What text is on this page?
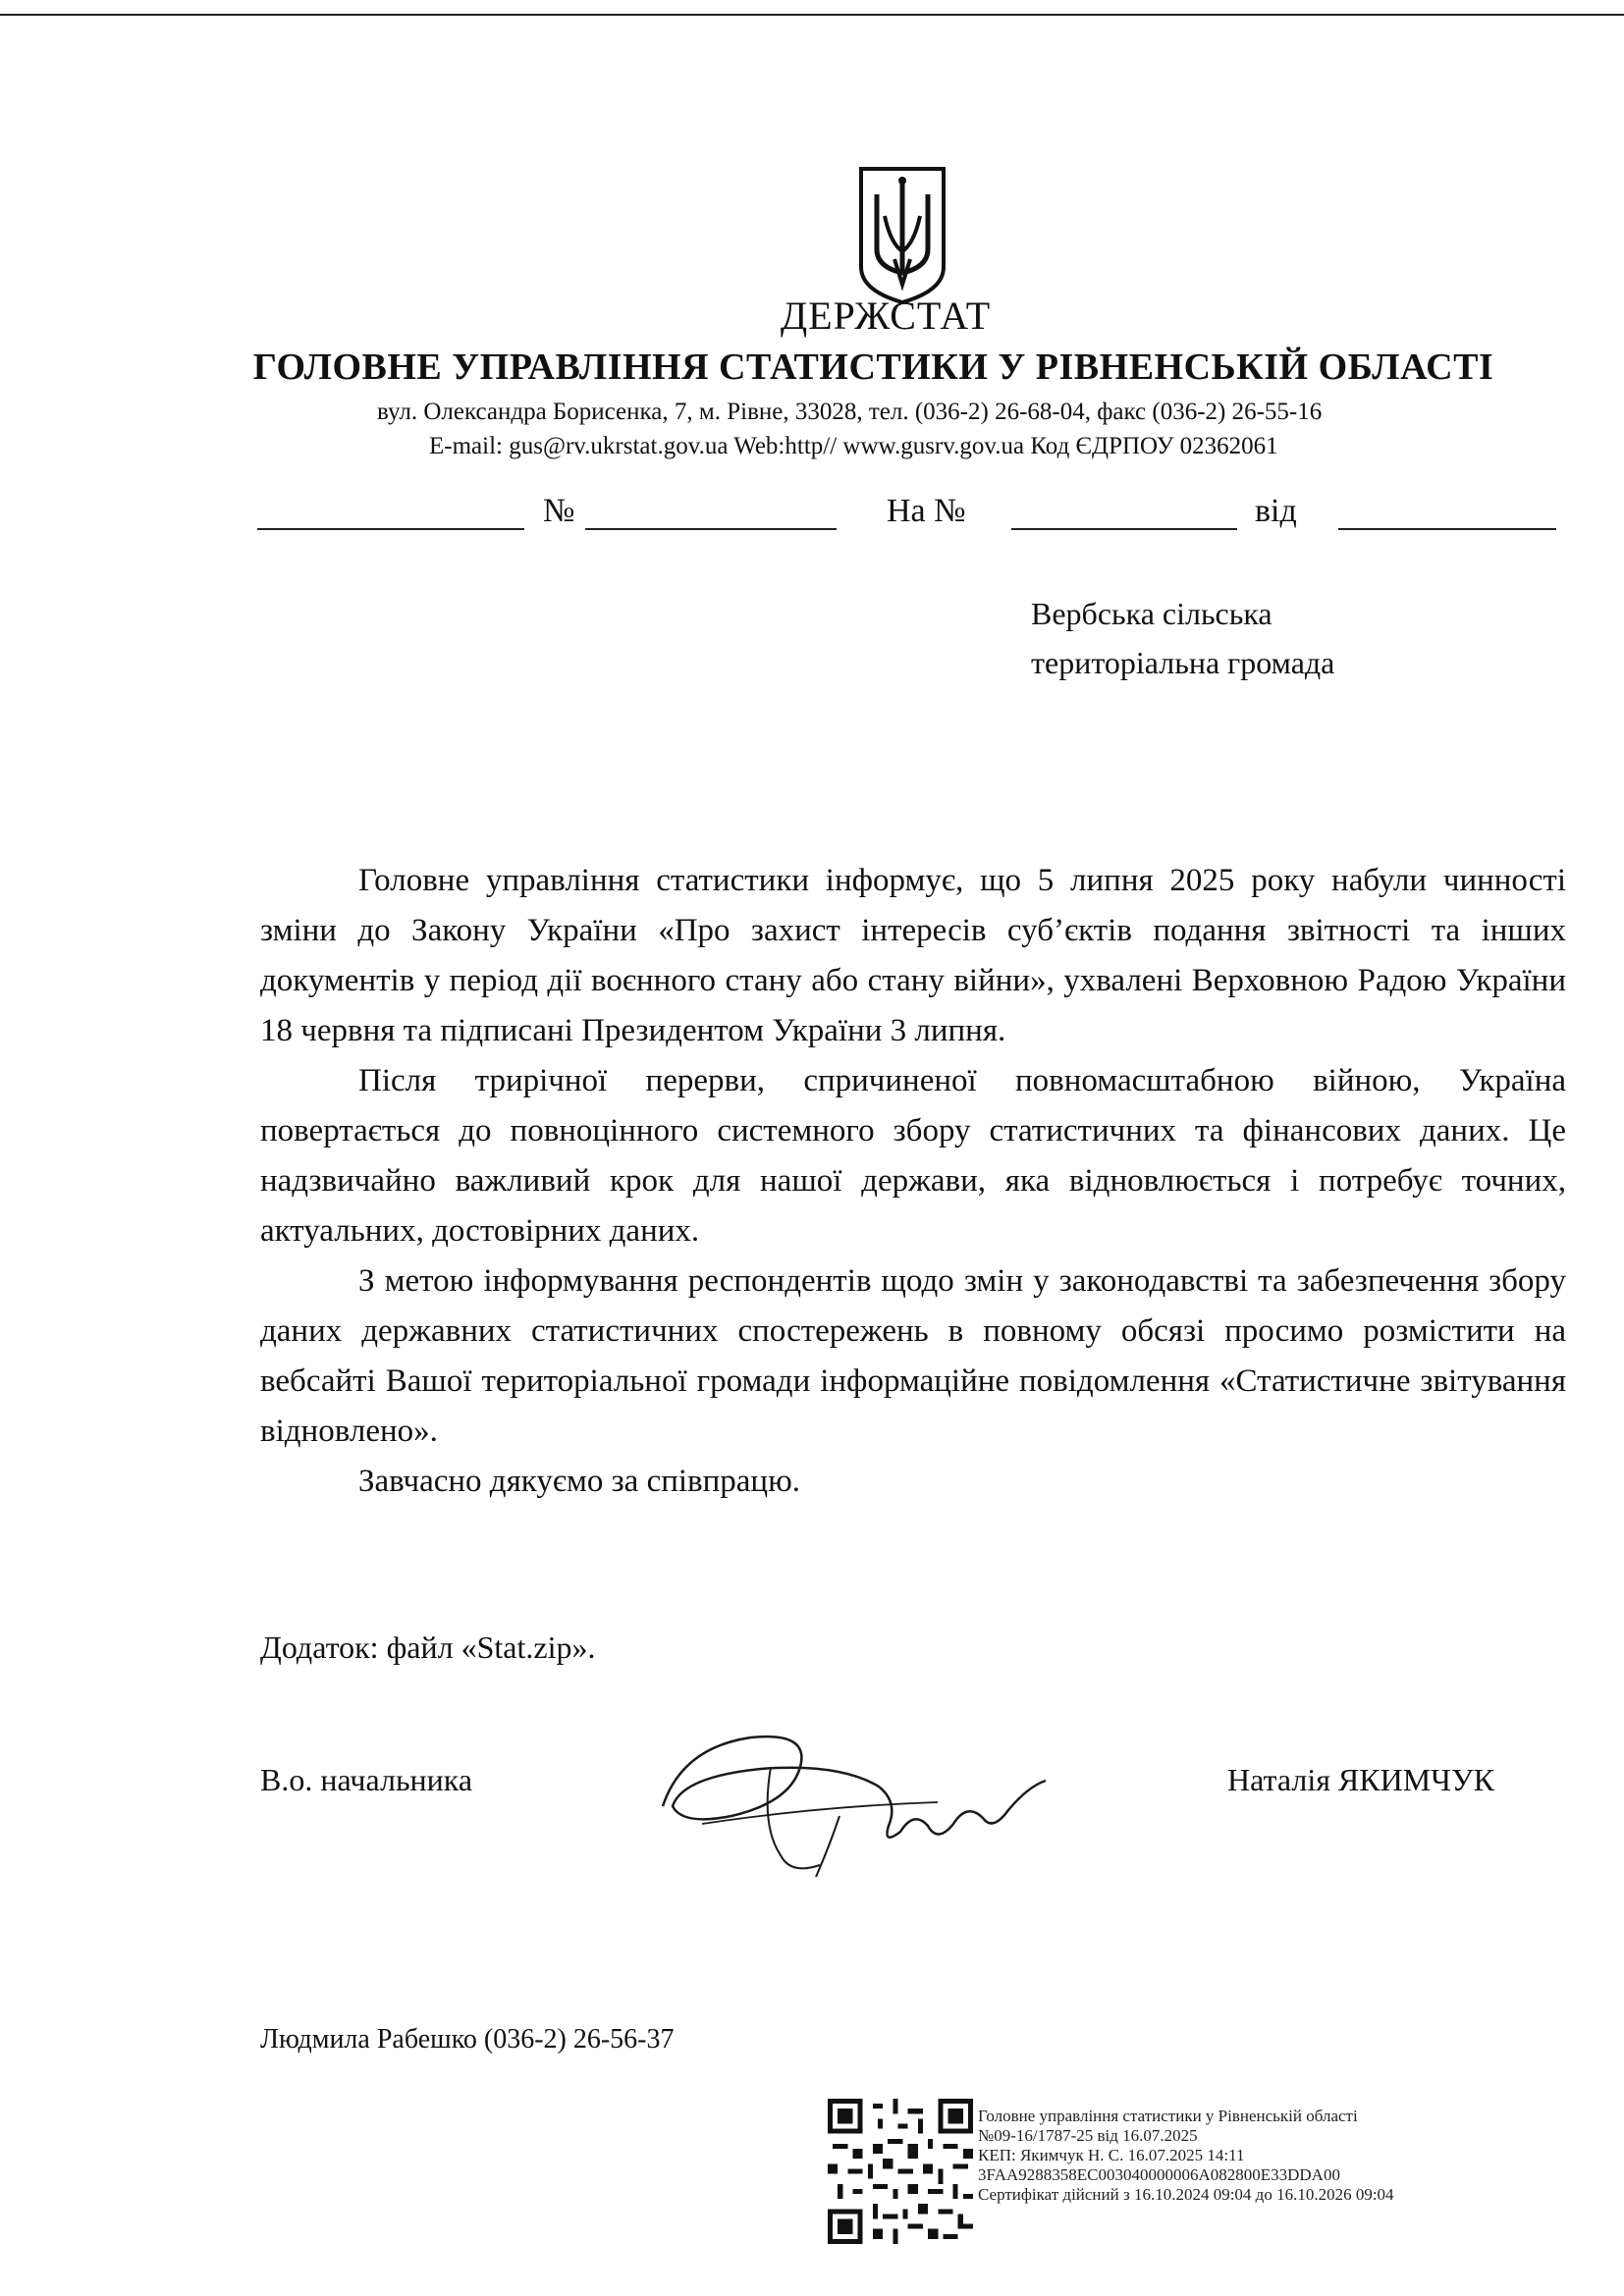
ДЕРЖСТАТ
ГОЛОВНЕ УПРАВЛІННЯ СТАТИСТИКИ У РІВНЕНСЬКІЙ ОБЛАСТІ
вул. Олександра Борисенка, 7, м. Рівне, 33028, тел. (036-2) 26-68-04, факс (036-2) 26-55-16
E-mail: gus@rv.ukrstat.gov.ua Web:http// www.gusrv.gov.ua Код ЄДРПОУ 02362061
№	На №	від
Вербська сільська
територіальна громада

Головне управління статистики інформує, що 5 липня 2025 року набули чинності зміни до Закону України «Про захист інтересів суб’єктів подання звітності та інших документів у період дії воєнного стану або стану війни», ухвалені Верховною Радою України 18 червня та підписані Президентом України 3 липня.

Після трирічної перерви, спричиненої повномасштабною війною, Україна повертається до повноцінного системного збору статистичних та фінансових даних. Це надзвичайно важливий крок для нашої держави, яка відновлюється і потребує точних, актуальних, достовірних даних.

З метою інформування респондентів щодо змін у законодавстві та забезпечення збору даних державних статистичних спостережень в повному обсязі просимо розмістити на вебсайті Вашої територіальної громади інформаційне повідомлення «Статистичне звітування відновлено».

Завчасно дякуємо за співпрацю.

Додаток: файл «Stat.zip».
В.о. начальника	Наталія ЯКИМЧУК
Людмила Рабешко (036-2) 26-56-37
Головне управління статистики у Рівненській області
№09-16/1787-25 від 16.07.2025
КЕП: Якимчук Н. С. 16.07.2025 14:11
3FAA9288358EC003040000006A082800E33DDA00
Сертифікат дійсний з 16.10.2024 09:04 до 16.10.2026 09:04
